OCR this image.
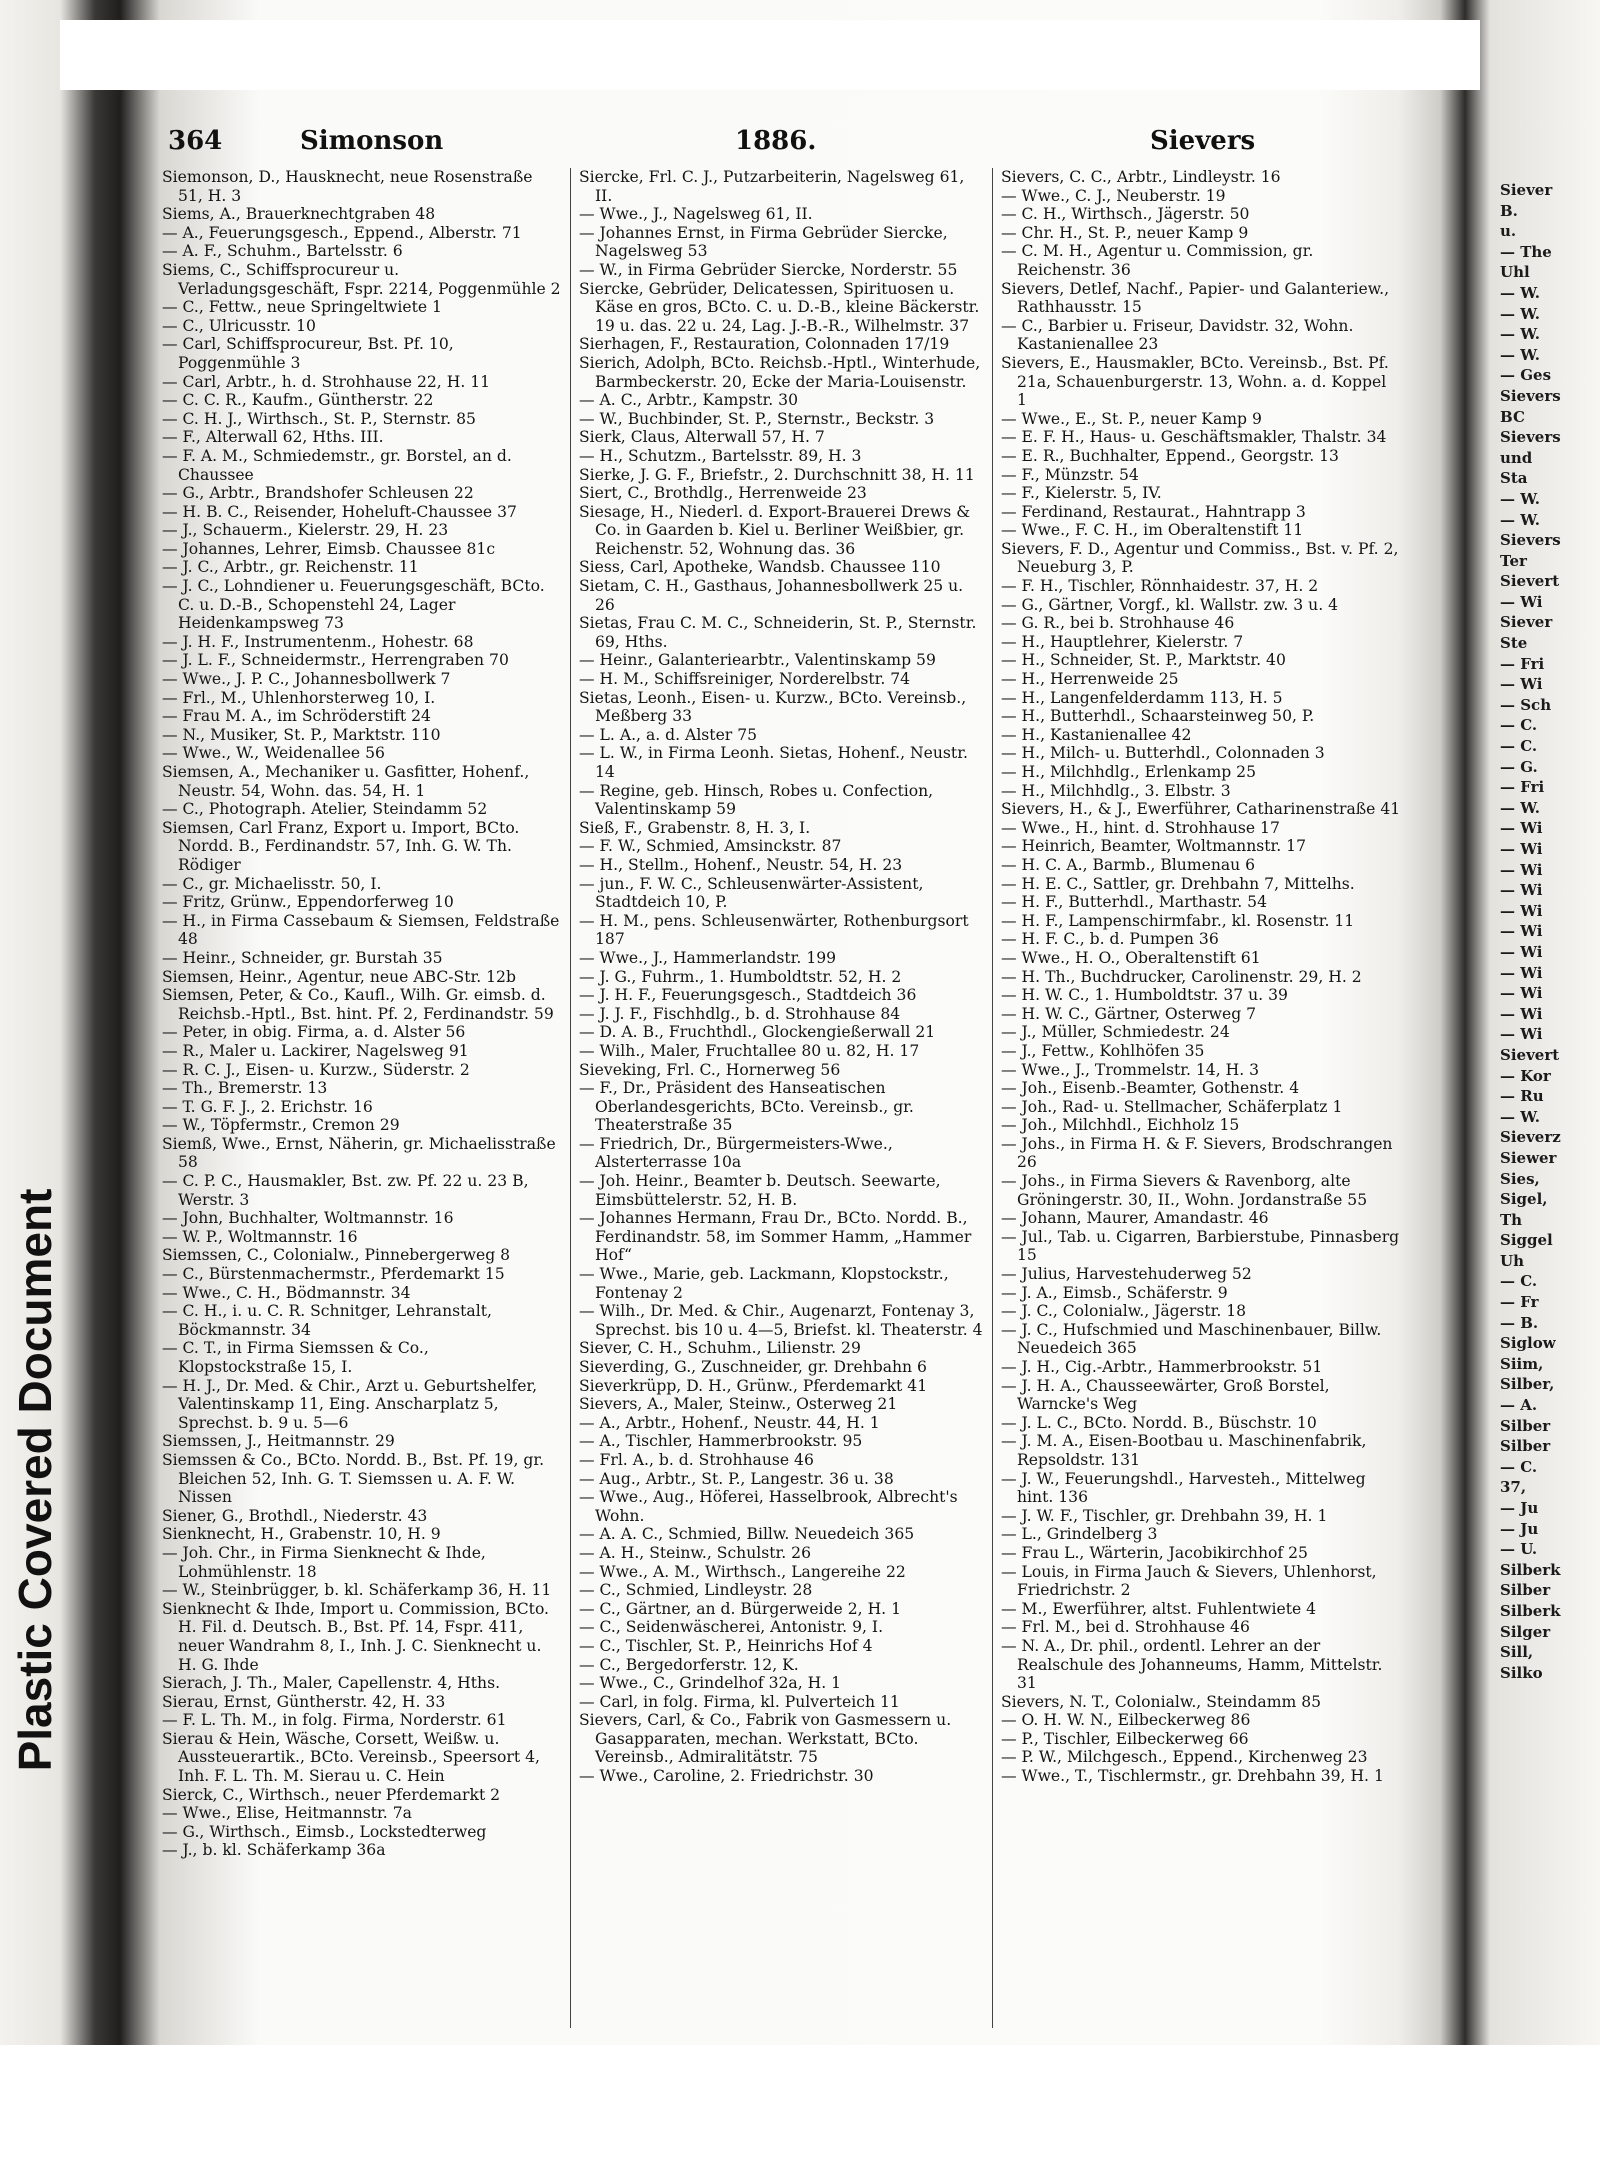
Plastic Covered Document
364	Simonson	1886.	Sievers

Siemonson, D., Hausknecht, neue Rosenstraße 51, H. 3

Siems, A., Brauerknechtgraben 48

— A., Feuerungsgesch., Eppend., Alberstr. 71

— A. F., Schuhm., Bartelsstr. 6

Siems, C., Schiffsprocureur u. Verladungsgeschäft, Fspr. 2214, Poggenmühle 2

— C., Fettw., neue Springeltwiete 1

— C., Ulricusstr. 10

— Carl, Schiffsprocureur, Bst. Pf. 10, Poggenmühle 3

— Carl, Arbtr., h. d. Strohhause 22, H. 11

— C. C. R., Kaufm., Güntherstr. 22

— C. H. J., Wirthsch., St. P., Sternstr. 85

— F., Alterwall 62, Hths. III.

— F. A. M., Schmiedemstr., gr. Borstel, an d. Chaussee

— G., Arbtr., Brandshofer Schleusen 22

— H. B. C., Reisender, Hoheluft-Chaussee 37

— J., Schauerm., Kielerstr. 29, H. 23

— Johannes, Lehrer, Eimsb. Chaussee 81c

— J. C., Arbtr., gr. Reichenstr. 11

— J. C., Lohndiener u. Feuerungsgeschäft, BCto. C. u. D.-B., Schopenstehl 24, Lager Heidenkampsweg 73

— J. H. F., Instrumentenm., Hohestr. 68

— J. L. F., Schneidermstr., Herrengraben 70

— Wwe., J. P. C., Johannesbollwerk 7

— Frl., M., Uhlenhorsterweg 10, I.

— Frau M. A., im Schröderstift 24

— N., Musiker, St. P., Marktstr. 110

— Wwe., W., Weidenallee 56

Siemsen, A., Mechaniker u. Gasfitter, Hohenf., Neustr. 54, Wohn. das. 54, H. 1

— C., Photograph. Atelier, Steindamm 52

Siemsen, Carl Franz, Export u. Import, BCto. Nordd. B., Ferdinandstr. 57, Inh. G. W. Th. Rödiger

— C., gr. Michaelisstr. 50, I.

— Fritz, Grünw., Eppendorferweg 10

— H., in Firma Cassebaum & Siemsen, Feldstraße 48

— Heinr., Schneider, gr. Burstah 35

Siemsen, Heinr., Agentur, neue ABC-Str. 12b

Siemsen, Peter, & Co., Kaufl., Wilh. Gr. eimsb. d. Reichsb.-Hptl., Bst. hint. Pf. 2, Ferdinandstr. 59

— Peter, in obig. Firma, a. d. Alster 56

— R., Maler u. Lackirer, Nagelsweg 91

— R. C. J., Eisen- u. Kurzw., Süderstr. 2

— Th., Bremerstr. 13

— T. G. F. J., 2. Erichstr. 16

— W., Töpfermstr., Cremon 29

Siemß, Wwe., Ernst, Näherin, gr. Michaelisstraße 58

— C. P. C., Hausmakler, Bst. zw. Pf. 22 u. 23 B, Werstr. 3

— John, Buchhalter, Woltmannstr. 16

— W. P., Woltmannstr. 16

Siemssen, C., Colonialw., Pinnebergerweg 8

— C., Bürstenmachermstr., Pferdemarkt 15

— Wwe., C. H., Bödmannstr. 34

— C. H., i. u. C. R. Schnitger, Lehranstalt, Böckmannstr. 34

— C. T., in Firma Siemssen & Co., Klopstockstraße 15, I.

— H. J., Dr. Med. & Chir., Arzt u. Geburtshelfer, Valentinskamp 11, Eing. Anscharplatz 5, Sprechst. b. 9 u. 5—6

Siemssen, J., Heitmannstr. 29

Siemssen & Co., BCto. Nordd. B., Bst. Pf. 19, gr. Bleichen 52, Inh. G. T. Siemssen u. A. F. W. Nissen

Siener, G., Brothdl., Niederstr. 43

Sienknecht, H., Grabenstr. 10, H. 9

— Joh. Chr., in Firma Sienknecht & Ihde, Lohmühlenstr. 18

— W., Steinbrügger, b. kl. Schäferkamp 36, H. 11

Sienknecht & Ihde, Import u. Commission, BCto. H. Fil. d. Deutsch. B., Bst. Pf. 14, Fspr. 411, neuer Wandrahm 8, I., Inh. J. C. Sienknecht u. H. G. Ihde

Sierach, J. Th., Maler, Capellenstr. 4, Hths.

Sierau, Ernst, Güntherstr. 42, H. 33

— F. L. Th. M., in folg. Firma, Norderstr. 61

Sierau & Hein, Wäsche, Corsett, Weißw. u. Aussteuerartik., BCto. Vereinsb., Speersort 4, Inh. F. L. Th. M. Sierau u. C. Hein

Sierck, C., Wirthsch., neuer Pferdemarkt 2

— Wwe., Elise, Heitmannstr. 7a

— G., Wirthsch., Eimsb., Lockstedterweg

— J., b. kl. Schäferkamp 36a

Siercke, Frl. C. J., Putzarbeiterin, Nagelsweg 61, II.

— Wwe., J., Nagelsweg 61, II.

— Johannes Ernst, in Firma Gebrüder Siercke, Nagelsweg 53

— W., in Firma Gebrüder Siercke, Norderstr. 55

Siercke, Gebrüder, Delicatessen, Spirituosen u. Käse en gros, BCto. C. u. D.-B., kleine Bäckerstr. 19 u. das. 22 u. 24, Lag. J.-B.-R., Wilhelmstr. 37

Sierhagen, F., Restauration, Colonnaden 17/19

Sierich, Adolph, BCto. Reichsb.-Hptl., Winterhude, Barmbeckerstr. 20, Ecke der Maria-Louisenstr.

— A. C., Arbtr., Kampstr. 30

— W., Buchbinder, St. P., Sternstr., Beckstr. 3

Sierk, Claus, Alterwall 57, H. 7

— H., Schutzm., Bartelsstr. 89, H. 3

Sierke, J. G. F., Briefstr., 2. Durchschnitt 38, H. 11

Siert, C., Brothdlg., Herrenweide 23

Siesage, H., Niederl. d. Export-Brauerei Drews & Co. in Gaarden b. Kiel u. Berliner Weißbier, gr. Reichenstr. 52, Wohnung das. 36

Siess, Carl, Apotheke, Wandsb. Chaussee 110

Sietam, C. H., Gasthaus, Johannesbollwerk 25 u. 26

Sietas, Frau C. M. C., Schneiderin, St. P., Sternstr. 69, Hths.

— Heinr., Galanteriearbtr., Valentinskamp 59

— H. M., Schiffsreiniger, Norderelbstr. 74

Sietas, Leonh., Eisen- u. Kurzw., BCto. Vereinsb., Meßberg 33

— L. A., a. d. Alster 75

— L. W., in Firma Leonh. Sietas, Hohenf., Neustr. 14

— Regine, geb. Hinsch, Robes u. Confection, Valentinskamp 59

Sieß, F., Grabenstr. 8, H. 3, I.

— F. W., Schmied, Amsinckstr. 87

— H., Stellm., Hohenf., Neustr. 54, H. 23

— jun., F. W. C., Schleusenwärter-Assistent, Stadtdeich 10, P.

— H. M., pens. Schleusenwärter, Rothenburgsort 187

— Wwe., J., Hammerlandstr. 199

— J. G., Fuhrm., 1. Humboldtstr. 52, H. 2

— J. H. F., Feuerungsgesch., Stadtdeich 36

— J. J. F., Fischhdlg., b. d. Strohhause 84

— D. A. B., Fruchthdl., Glockengießerwall 21

— Wilh., Maler, Fruchtallee 80 u. 82, H. 17

Sieveking, Frl. C., Hornerweg 56

— F., Dr., Präsident des Hanseatischen Oberlandesgerichts, BCto. Vereinsb., gr. Theaterstraße 35

— Friedrich, Dr., Bürgermeisters-Wwe., Alsterterrasse 10a

— Joh. Heinr., Beamter b. Deutsch. Seewarte, Eimsbüttelerstr. 52, H. B.

— Johannes Hermann, Frau Dr., BCto. Nordd. B., Ferdinandstr. 58, im Sommer Hamm, „Hammer Hof“

— Wwe., Marie, geb. Lackmann, Klopstockstr., Fontenay 2

— Wilh., Dr. Med. & Chir., Augenarzt, Fontenay 3, Sprechst. bis 10 u. 4—5, Briefst. kl. Theaterstr. 4

Siever, C. H., Schuhm., Lilienstr. 29

Sieverding, G., Zuschneider, gr. Drehbahn 6

Sieverkrüpp, D. H., Grünw., Pferdemarkt 41

Sievers, A., Maler, Steinw., Osterweg 21

— A., Arbtr., Hohenf., Neustr. 44, H. 1

— A., Tischler, Hammerbrookstr. 95

— Frl. A., b. d. Strohhause 46

— Aug., Arbtr., St. P., Langestr. 36 u. 38

— Wwe., Aug., Höferei, Hasselbrook, Albrecht's Wohn.

— A. A. C., Schmied, Billw. Neuedeich 365

— A. H., Steinw., Schulstr. 26

— Wwe., A. M., Wirthsch., Langereihe 22

— C., Schmied, Lindleystr. 28

— C., Gärtner, an d. Bürgerweide 2, H. 1

— C., Seidenwäscherei, Antonistr. 9, I.

— C., Tischler, St. P., Heinrichs Hof 4

— C., Bergedorferstr. 12, K.

— Wwe., C., Grindelhof 32a, H. 1

— Carl, in folg. Firma, kl. Pulverteich 11

Sievers, Carl, & Co., Fabrik von Gasmessern u. Gasapparaten, mechan. Werkstatt, BCto. Vereinsb., Admiralitätstr. 75

— Wwe., Caroline, 2. Friedrichstr. 30

Sievers, C. C., Arbtr., Lindleystr. 16

— Wwe., C. J., Neuberstr. 19

— C. H., Wirthsch., Jägerstr. 50

— Chr. H., St. P., neuer Kamp 9

— C. M. H., Agentur u. Commission, gr. Reichenstr. 36

Sievers, Detlef, Nachf., Papier- und Galanteriew., Rathhausstr. 15

— C., Barbier u. Friseur, Davidstr. 32, Wohn. Kastanienallee 23

Sievers, E., Hausmakler, BCto. Vereinsb., Bst. Pf. 21a, Schauenburgerstr. 13, Wohn. a. d. Koppel 1

— Wwe., E., St. P., neuer Kamp 9

— E. F. H., Haus- u. Geschäftsmakler, Thalstr. 34

— E. R., Buchhalter, Eppend., Georgstr. 13

— F., Münzstr. 54

— F., Kielerstr. 5, IV.

— Ferdinand, Restaurat., Hahntrapp 3

— Wwe., F. C. H., im Oberaltenstift 11

Sievers, F. D., Agentur und Commiss., Bst. v. Pf. 2, Neueburg 3, P.

— F. H., Tischler, Rönnhaidestr. 37, H. 2

— G., Gärtner, Vorgf., kl. Wallstr. zw. 3 u. 4

— G. R., bei b. Strohhause 46

— H., Hauptlehrer, Kielerstr. 7

— H., Schneider, St. P., Marktstr. 40

— H., Herrenweide 25

— H., Langenfelderdamm 113, H. 5

— H., Butterhdl., Schaarsteinweg 50, P.

— H., Kastanienallee 42

— H., Milch- u. Butterhdl., Colonnaden 3

— H., Milchhdlg., Erlenkamp 25

— H., Milchhdlg., 3. Elbstr. 3

Sievers, H., & J., Ewerführer, Catharinenstraße 41

— Wwe., H., hint. d. Strohhause 17

— Heinrich, Beamter, Woltmannstr. 17

— H. C. A., Barmb., Blumenau 6

— H. E. C., Sattler, gr. Drehbahn 7, Mittelhs.

— H. F., Butterhdl., Marthastr. 54

— H. F., Lampenschirmfabr., kl. Rosenstr. 11

— H. F. C., b. d. Pumpen 36

— Wwe., H. O., Oberaltenstift 61

— H. Th., Buchdrucker, Carolinenstr. 29, H. 2

— H. W. C., 1. Humboldtstr. 37 u. 39

— H. W. C., Gärtner, Osterweg 7

— J., Müller, Schmiedestr. 24

— J., Fettw., Kohlhöfen 35

— Wwe., J., Trommelstr. 14, H. 3

— Joh., Eisenb.-Beamter, Gothenstr. 4

— Joh., Rad- u. Stellmacher, Schäferplatz 1

— Joh., Milchhdl., Eichholz 15

— Johs., in Firma H. & F. Sievers, Brodschrangen 26

— Johs., in Firma Sievers & Ravenborg, alte Gröningerstr. 30, II., Wohn. Jordanstraße 55

— Johann, Maurer, Amandastr. 46

— Jul., Tab. u. Cigarren, Barbierstube, Pinnasberg 15

— Julius, Harvestehuderweg 52

— J. A., Eimsb., Schäferstr. 9

— J. C., Colonialw., Jägerstr. 18

— J. C., Hufschmied und Maschinenbauer, Billw. Neuedeich 365

— J. H., Cig.-Arbtr., Hammerbrookstr. 51

— J. H. A., Chausseewärter, Groß Borstel, Warncke's Weg

— J. L. C., BCto. Nordd. B., Büschstr. 10

— J. M. A., Eisen-Bootbau u. Maschinenfabrik, Repsoldstr. 131

— J. W., Feuerungshdl., Harvesteh., Mittelweg hint. 136

— J. W. F., Tischler, gr. Drehbahn 39, H. 1

— L., Grindelberg 3

— Frau L., Wärterin, Jacobikirchhof 25

— Louis, in Firma Jauch & Sievers, Uhlenhorst, Friedrichstr. 2

— M., Ewerführer, altst. Fuhlentwiete 4

— Frl. M., bei d. Strohhause 46

— N. A., Dr. phil., ordentl. Lehrer an der Realschule des Johanneums, Hamm, Mittelstr. 31

Sievers, N. T., Colonialw., Steindamm 85

— O. H. W. N., Eilbeckerweg 86

— P., Tischler, Eilbeckerweg 66

— P. W., Milchgesch., Eppend., Kirchenweg 23

— Wwe., T., Tischlermstr., gr. Drehbahn 39, H. 1

Siever
B.
u.
— The
Uhl
— W.
— W.
— W.
— W.
— Ges
Sievers
BC
Sievers
und
Sta
— W.
— W.
Sievers
Ter
Sievert
— Wi
Siever
Ste
— Fri
— Wi
— Sch
— C.
— C.
— G.
— Fri
— W.
— Wi
— Wi
— Wi
— Wi
— Wi
— Wi
— Wi
— Wi
— Wi
— Wi
— Wi
Sievert
— Kor
— Ru
— W.
Sieverz
Siewer
Sies,
Sigel,
Th
Siggel
Uh
— C.
— Fr
— B.
Siglow
Siim,
Silber,
— A.
Silber
Silber
— C.
37,
— Ju
— Ju
— U.
Silberk
Silber
Silberk
Silger
Sill,
Silko
